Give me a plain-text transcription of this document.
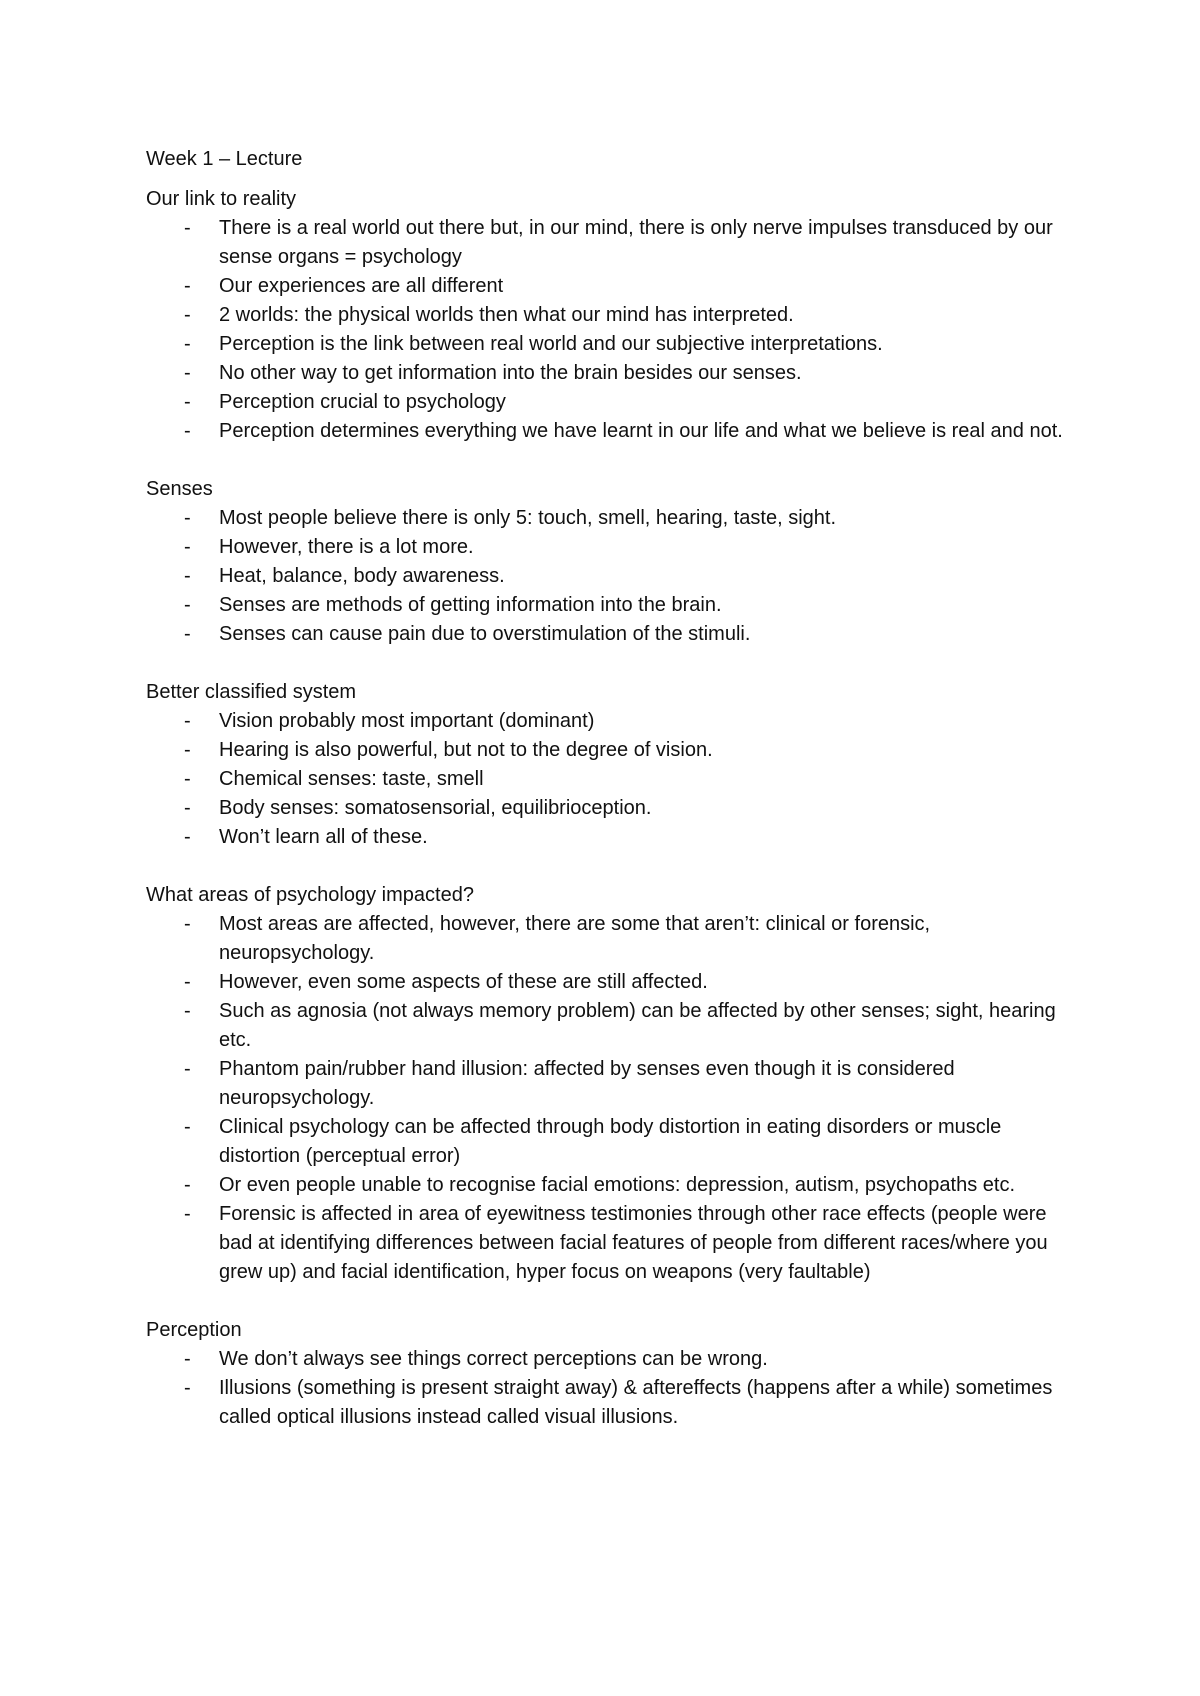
Week 1 – Lecture
Our link to reality
- There is a real world out there but, in our mind, there is only nerve impulses transduced by our sense organs = psychology
- Our experiences are all different
- 2 worlds: the physical worlds then what our mind has interpreted.
- Perception is the link between real world and our subjective interpretations.
- No other way to get information into the brain besides our senses.
- Perception crucial to psychology
- Perception determines everything we have learnt in our life and what we believe is real and not.
Senses
- Most people believe there is only 5: touch, smell, hearing, taste, sight.
- However, there is a lot more.
- Heat, balance, body awareness.
- Senses are methods of getting information into the brain.
- Senses can cause pain due to overstimulation of the stimuli.
Better classified system
- Vision probably most important (dominant)
- Hearing is also powerful, but not to the degree of vision.
- Chemical senses: taste, smell
- Body senses: somatosensorial, equilibrioception.
- Won’t learn all of these.
What areas of psychology impacted?
- Most areas are affected, however, there are some that aren’t: clinical or forensic, neuropsychology.
- However, even some aspects of these are still affected.
- Such as agnosia (not always memory problem) can be affected by other senses; sight, hearing etc.
- Phantom pain/rubber hand illusion: affected by senses even though it is considered neuropsychology.
- Clinical psychology can be affected through body distortion in eating disorders or muscle distortion (perceptual error)
- Or even people unable to recognise facial emotions: depression, autism, psychopaths etc.
- Forensic is affected in area of eyewitness testimonies through other race effects (people were bad at identifying differences between facial features of people from different races/where you grew up) and facial identification, hyper focus on weapons (very faultable)
Perception
- We don’t always see things correct perceptions can be wrong.
- Illusions (something is present straight away) & aftereffects (happens after a while) sometimes called optical illusions instead called visual illusions.
